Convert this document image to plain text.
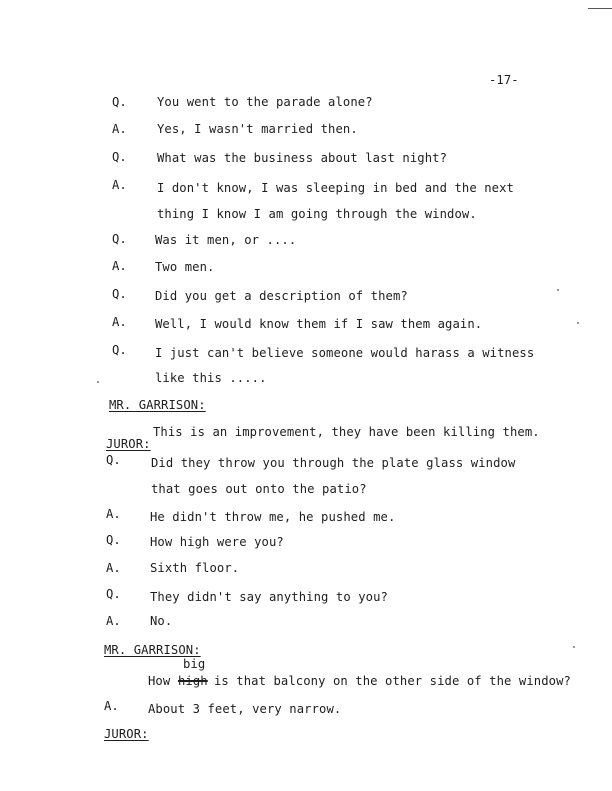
-17-
Q. You went to the parade alone?
A. Yes, I wasn't married then.
Q. What was the business about last night?
A. I don't know, I was sleeping in bed and the next
thing I know I am going through the window.
Q. Was it men, or ....
A. Two men.
Q. Did you get a description of them?
A. Well, I would know them if I saw them again.
Q. I just can't believe someone would harass a witness
like this .....
MR. GARRISON:
This is an improvement, they have been killing them.
JUROR:
Q. Did they throw you through the plate glass window
that goes out onto the patio?
A. He didn't throw me, he pushed me.
Q. How high were you?
A. Sixth floor.
Q. They didn't say anything to you?
A. No.
MR. GARRISON:
big
How high is that balcony on the other side of the window?
A. About 3 feet, very narrow.
JUROR:
